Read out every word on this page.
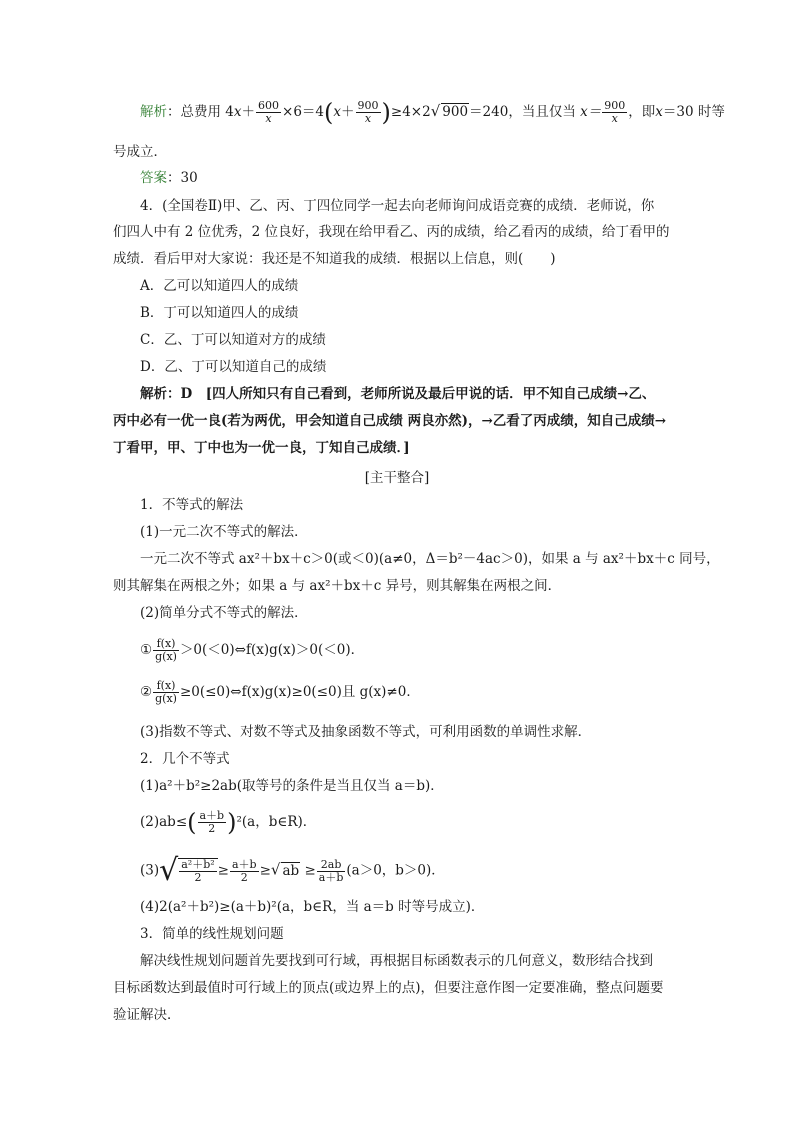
解析：总费用 $4x+ \frac{600}{x} \times 6=4(x+ \frac{900}{x} )\ge 4\times 2√$ 900＝240，当且仅当 $x= \frac{900}{x}$ ，即x＝30 时等
号成立．
答案：30
4．(全国卷Ⅱ)甲、乙、丙、丁四位同学一起去向老师询问成语竞赛的成绩．老师说，你
们四人中有 2 位优秀，2 位良好，我现在给甲看乙、丙的成绩，给乙看丙的成绩，给丁看甲的
成绩．看后甲对大家说：我还是不知道我的成绩．根据以上信息，则(　　)
A．乙可以知道四人的成绩
B．丁可以知道四人的成绩
C．乙、丁可以知道对方的成绩
D．乙、丁可以知道自己的成绩
解析：D　[四人所知只有自己看到，老师所说及最后甲说的话．甲不知自己成绩→乙、
丙中必有一优一良(若为两优，甲会知道自己成绩 两良亦然)，→乙看了丙成绩，知自己成绩→
丁看甲，甲、丁中也为一优一良，丁知自己成绩．]
[主干整合]
1．不等式的解法
(1)一元二次不等式的解法．
一元二次不等式 ax²＋bx＋c＞0(或＜0)(a≠0，Δ＝b²－4ac＞0)，如果 a 与 ax²＋bx＋c 同号，
则其解集在两根之外；如果 a 与 ax²＋bx＋c 异号，则其解集在两根之间．
(2)简单分式不等式的解法．
① $\frac{f(x)}{g(x)}$ ＞0(＜0)⇔f(x)g(x)＞0(＜0)．
② $\frac{f(x)}{g(x)}$ ≥0(≤0)⇔f(x)g(x)≥0(≤0)且 g(x)≠0．
(3)指数不等式、对数不等式及抽象函数不等式，可利用函数的单调性求解．
2．几个不等式
(1)a²＋b²≥2ab(取等号的条件是当且仅当 a＝b)．
$(2)ab\le( \frac{a+b}{2} )^2(a$，b∈R)．
$(3)√ \frac{\text{a²＋b²}}{2} \ge \frac{a+b}{2}$ ≥√ ab ≥ $\frac{2ab}{a+b} (a>0$，b＞0)．
(4)2(a²＋b²)≥(a＋b)²(a，b∈R，当 a＝b 时等号成立)．
3．简单的线性规划问题
解决线性规划问题首先要找到可行域，再根据目标函数表示的几何意义，数形结合找到
目标函数达到最值时可行域上的顶点(或边界上的点)，但要注意作图一定要准确，整点问题要
验证解决．
